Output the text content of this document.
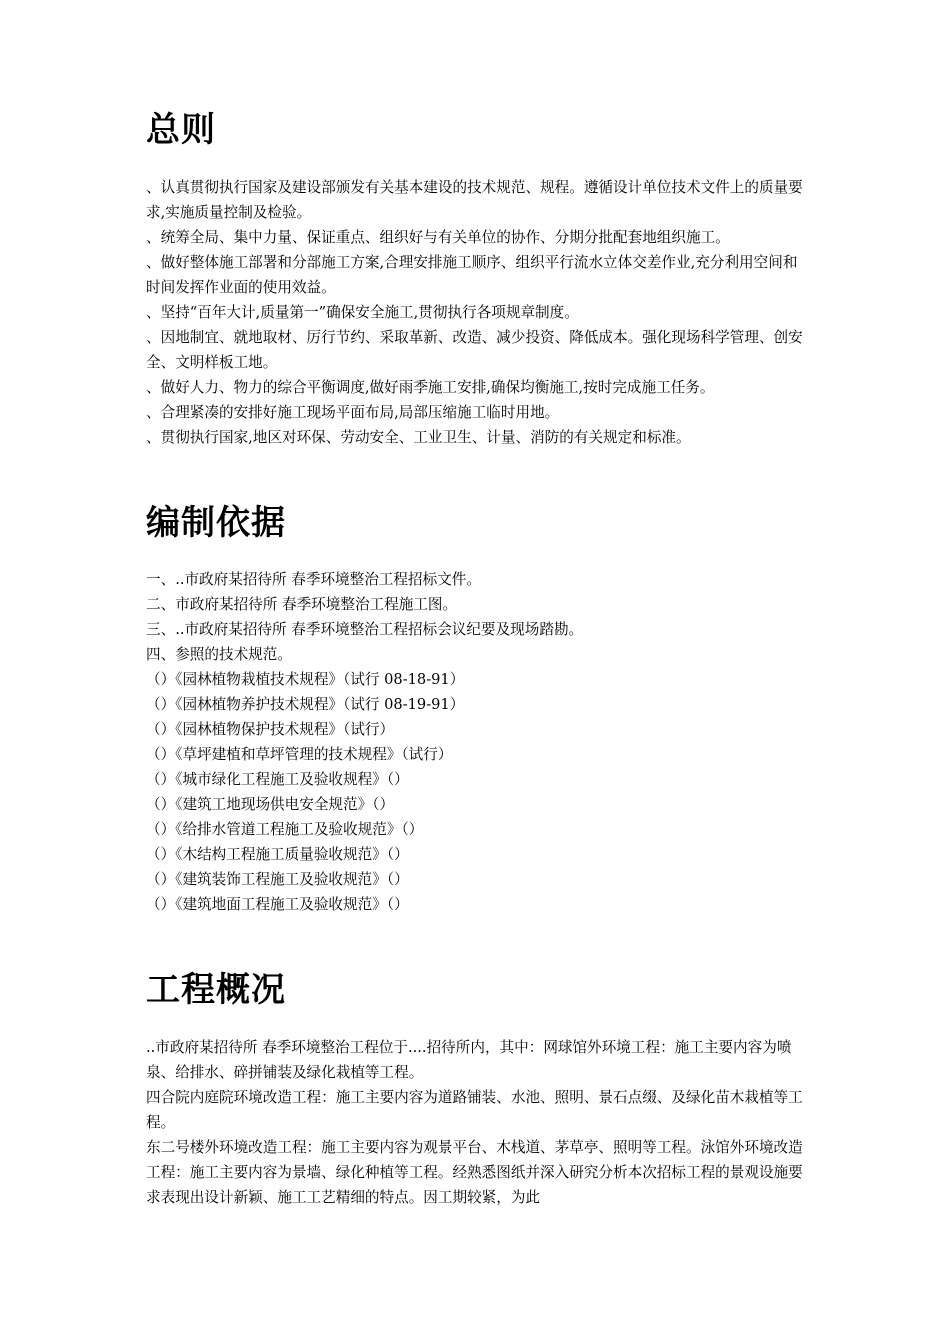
总则

、认真贯彻执行国家及建设部颁发有关基本建设的技术规范、规程。遵循设计单位技术文件上的质量要求,实施质量控制及检验。

、统筹全局、集中力量、保证重点、组织好与有关单位的协作、分期分批配套地组织施工。

、做好整体施工部署和分部施工方案,合理安排施工顺序、组织平行流水立体交差作业,充分利用空间和时间发挥作业面的使用效益。

、坚持“百年大计,质量第一”确保安全施工,贯彻执行各项规章制度。

、因地制宜、就地取材、厉行节约、采取革新、改造、减少投资、降低成本。强化现场科学管理、创安全、文明样板工地。

、做好人力、物力的综合平衡调度,做好雨季施工安排,确保均衡施工,按时完成施工任务。

、合理紧凑的安排好施工现场平面布局,局部压缩施工临时用地。

、贯彻执行国家,地区对环保、劳动安全、工业卫生、计量、消防的有关规定和标准。

编制依据

一、..市政府某招待所 春季环境整治工程招标文件。

二、市政府某招待所 春季环境整治工程施工图。

三、..市政府某招待所 春季环境整治工程招标会议纪要及现场踏勘。

四、参照的技术规范。

（）《园林植物栽植技术规程》（试行 08-18-91）

（）《园林植物养护技术规程》（试行 08-19-91）

（）《园林植物保护技术规程》（试行）

（）《草坪建植和草坪管理的技术规程》（试行）

（）《城市绿化工程施工及验收规程》（）

（）《建筑工地现场供电安全规范》（）

（）《给排水管道工程施工及验收规范》（）

（）《木结构工程施工质量验收规范》（）

（）《建筑装饰工程施工及验收规范》（）

（）《建筑地面工程施工及验收规范》（）

工程概况

..市政府某招待所 春季环境整治工程位于....招待所内，其中：网球馆外环境工程：施工主要内容为喷泉、给排水、碎拼铺装及绿化栽植等工程。

四合院内庭院环境改造工程：施工主要内容为道路铺装、水池、照明、景石点缀、及绿化苗木栽植等工程。

东二号楼外环境改造工程：施工主要内容为观景平台、木栈道、茅草亭、照明等工程。泳馆外环境改造工程：施工主要内容为景墙、绿化种植等工程。经熟悉图纸并深入研究分析本次招标工程的景观设施要求表现出设计新颖、施工工艺精细的特点。因工期较紧，为此
